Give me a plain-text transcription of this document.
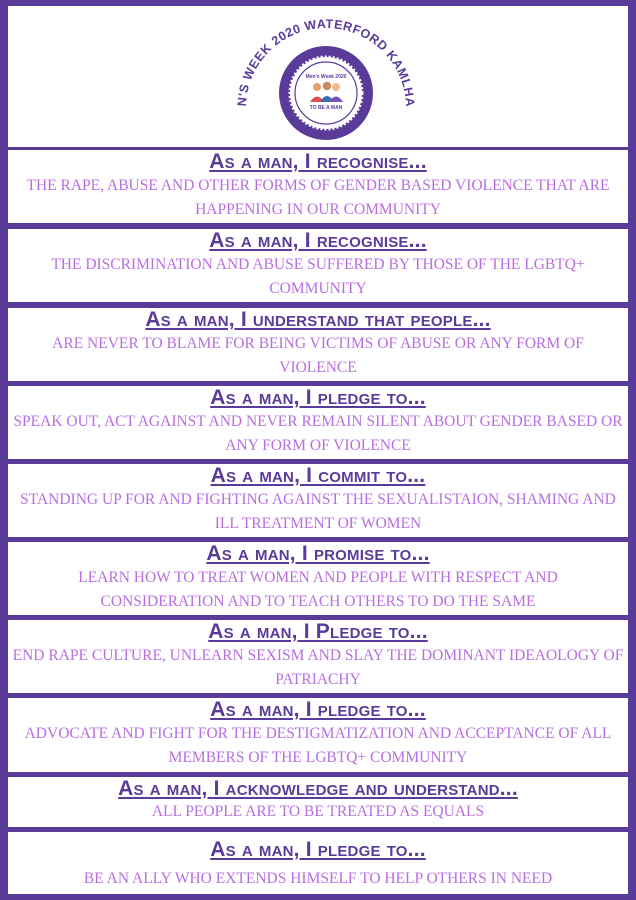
N'S WEEK 2020 WATERFORD KAMLHA
Men's Week 2020
TO BE A MAN

As a man, I recognise...

THE RAPE, ABUSE AND OTHER FORMS OF GENDER BASED VIOLENCE THAT ARE HAPPENING IN OUR COMMUNITY

As a man, I recognise...

THE DISCRIMINATION AND ABUSE SUFFERED BY THOSE OF THE LGBTQ+ COMMUNITY

As a man, I understand that people...

ARE NEVER TO BLAME FOR BEING VICTIMS OF ABUSE OR ANY FORM OF VIOLENCE

As a man, I pledge to...

SPEAK OUT, ACT AGAINST AND NEVER REMAIN SILENT ABOUT GENDER BASED OR ANY FORM OF VIOLENCE

As a man, I commit to...

STANDING UP FOR AND FIGHTING AGAINST THE SEXUALISTAION, SHAMING AND ILL TREATMENT OF WOMEN

As a man, I promise to...

LEARN HOW TO TREAT WOMEN AND PEOPLE WITH RESPECT AND CONSIDERATION AND TO TEACH OTHERS TO DO THE SAME

As a man, I Pledge to...

END RAPE CULTURE, UNLEARN SEXISM AND SLAY THE DOMINANT IDEAOLOGY OF PATRIACHY

As a man, I pledge to...

ADVOCATE AND FIGHT FOR THE DESTIGMATIZATION AND ACCEPTANCE OF ALL MEMBERS OF THE LGBTQ+ COMMUNITY

As a man, I acknowledge and understand...

ALL PEOPLE ARE TO BE TREATED AS EQUALS

As a man, I pledge to...

BE AN ALLY WHO EXTENDS HIMSELF TO HELP OTHERS IN NEED
